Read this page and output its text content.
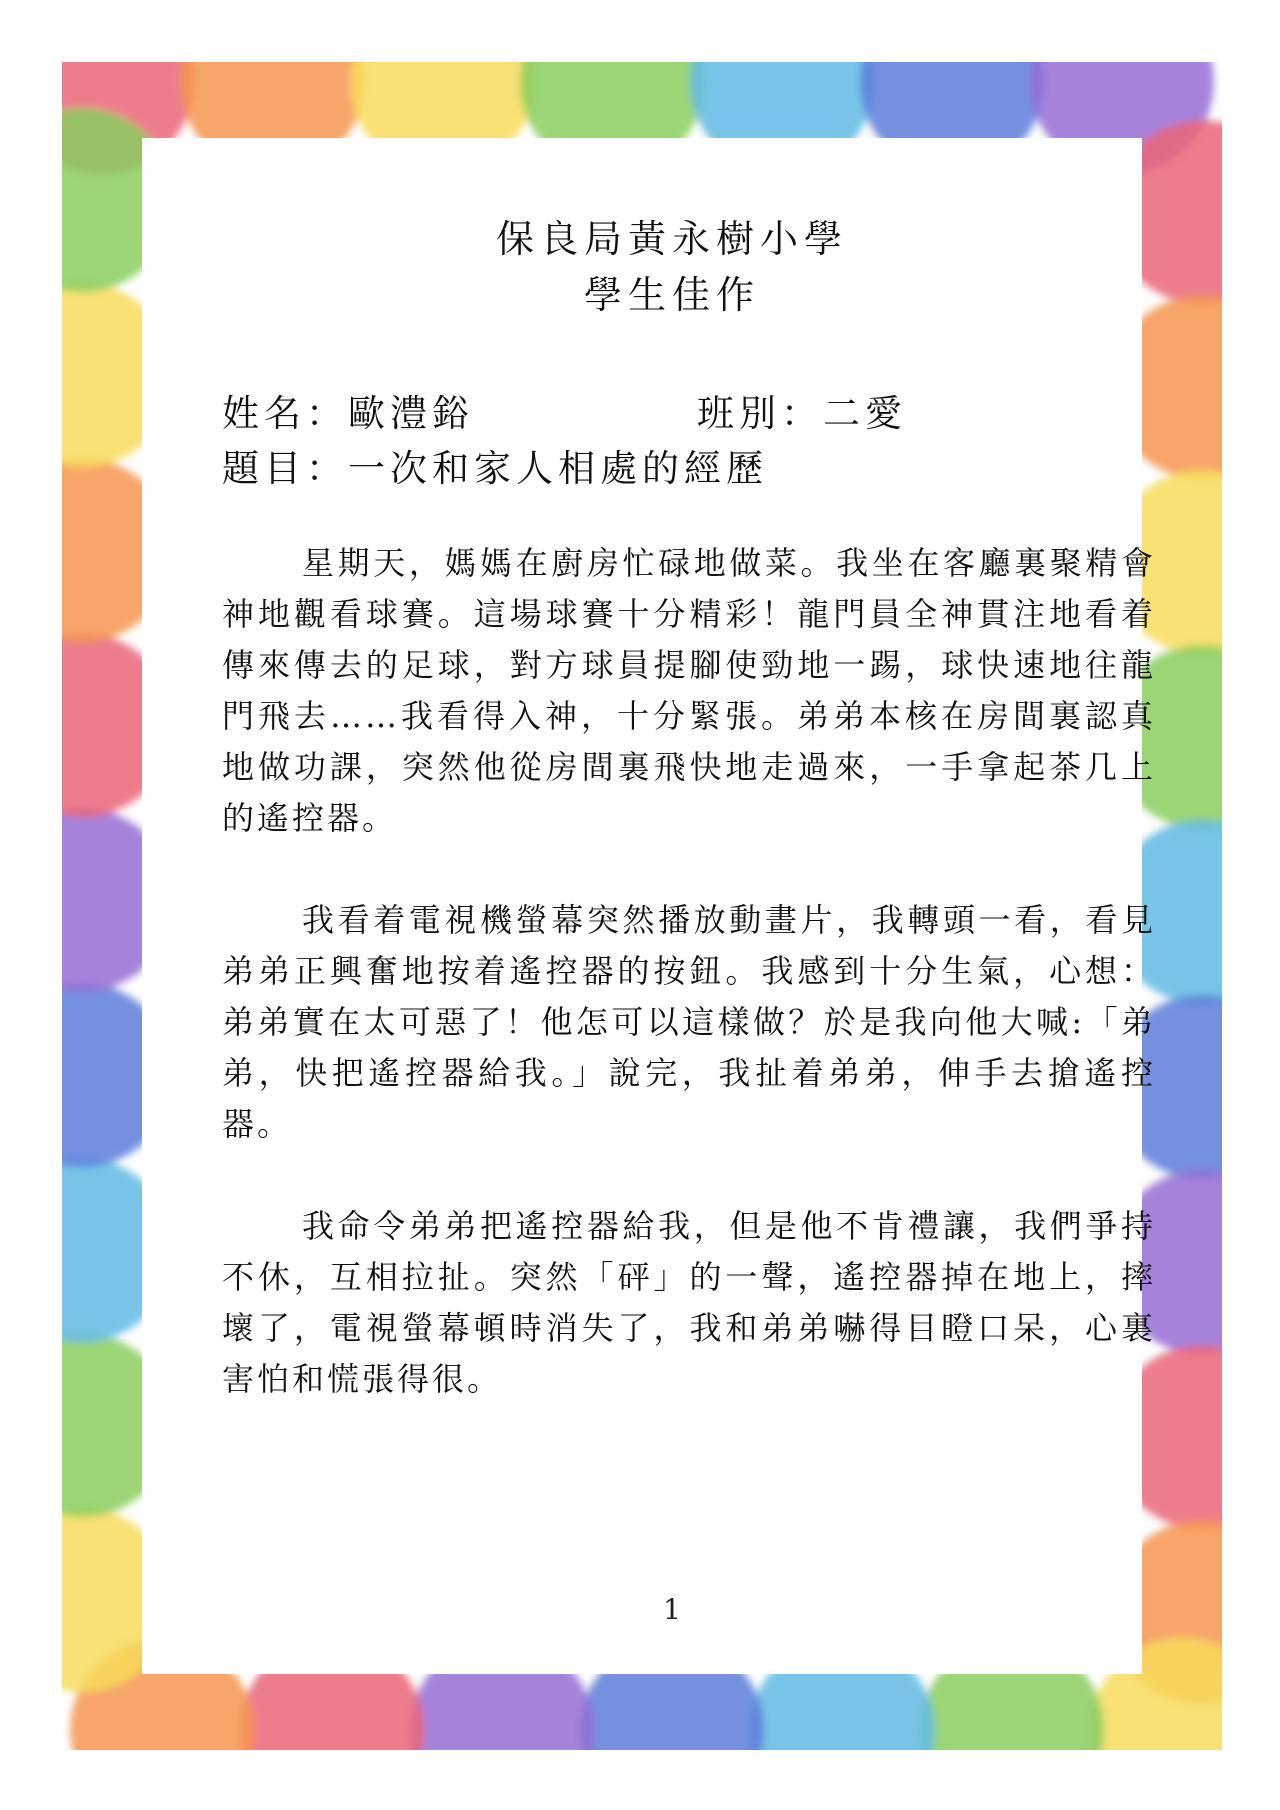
保良局黃永樹小學
學生佳作
姓名：歐澧鋊	班別：二愛
題目：一次和家人相處的經歷

星期天，媽媽在廚房忙碌地做菜。我坐在客廳裏聚精會神地觀看球賽。這場球賽十分精彩！龍門員全神貫注地看着傳來傳去的足球，對方球員提腳使勁地一踢，球快速地往龍門飛去……我看得入神，十分緊張。弟弟本核在房間裏認真地做功課，突然他從房間裏飛快地走過來，一手拿起茶几上的遙控器。

我看着電視機螢幕突然播放動畫片，我轉頭一看，看見弟弟正興奮地按着遙控器的按鈕。我感到十分生氣，心想：弟弟實在太可惡了！他怎可以這樣做？於是我向他大喊:「弟弟，快把遙控器給我。」說完，我扯着弟弟，伸手去搶遙控器。

我命令弟弟把遙控器給我，但是他不肯禮讓，我們爭持不休，互相拉扯。突然「砰」的一聲，遙控器掉在地上，摔壞了，電視螢幕頓時消失了，我和弟弟嚇得目瞪口呆，心裏害怕和慌張得很。

1
